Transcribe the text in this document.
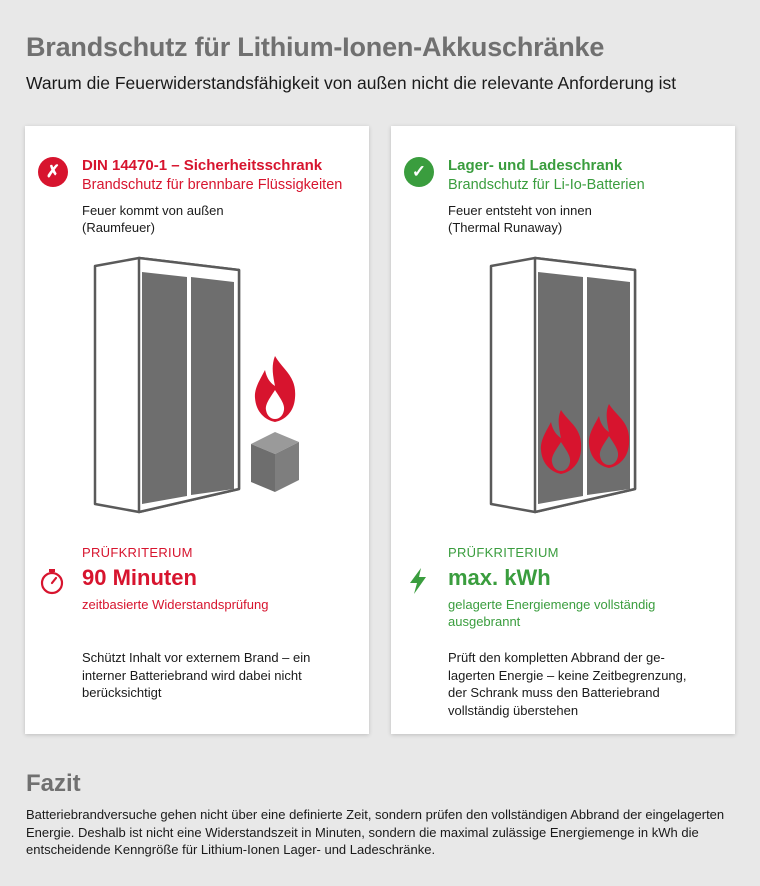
Brandschutz für Lithium-Ionen-Akkuschränke
Warum die Feuerwiderstandsfähigkeit von außen nicht die relevante Anforderung ist
✗	DIN 14470-1 – Sicherheitsschrank
Brandschutz für brennbare Flüssigkeiten
Feuer kommt von außen
(Raumfeuer)
PRÜFKRITERIUM
90 Minuten
zeitbasierte Widerstandsprüfung
Schützt Inhalt vor externem Brand – ein
interner Batteriebrand wird dabei nicht
berücksichtigt
✓	Lager- und Ladeschrank
Brandschutz für Li-Io-Batterien
Feuer entsteht von innen
(Thermal Runaway)
PRÜFKRITERIUM
max. kWh
gelagerte Energiemenge vollständig ausgebrannt
Prüft den kompletten Abbrand der ge-
lagerten Energie – keine Zeitbegrenzung,
der Schrank muss den Batteriebrand
vollständig überstehen
Fazit
Batteriebrandversuche gehen nicht über eine definierte Zeit, sondern prüfen den vollständigen Abbrand der eingelagerten Energie. Deshalb ist nicht eine Widerstandszeit in Minuten, sondern die maximal zulässige Energiemenge in kWh die entscheidende Kenngröße für Lithium-Ionen Lager- und Ladeschränke.
